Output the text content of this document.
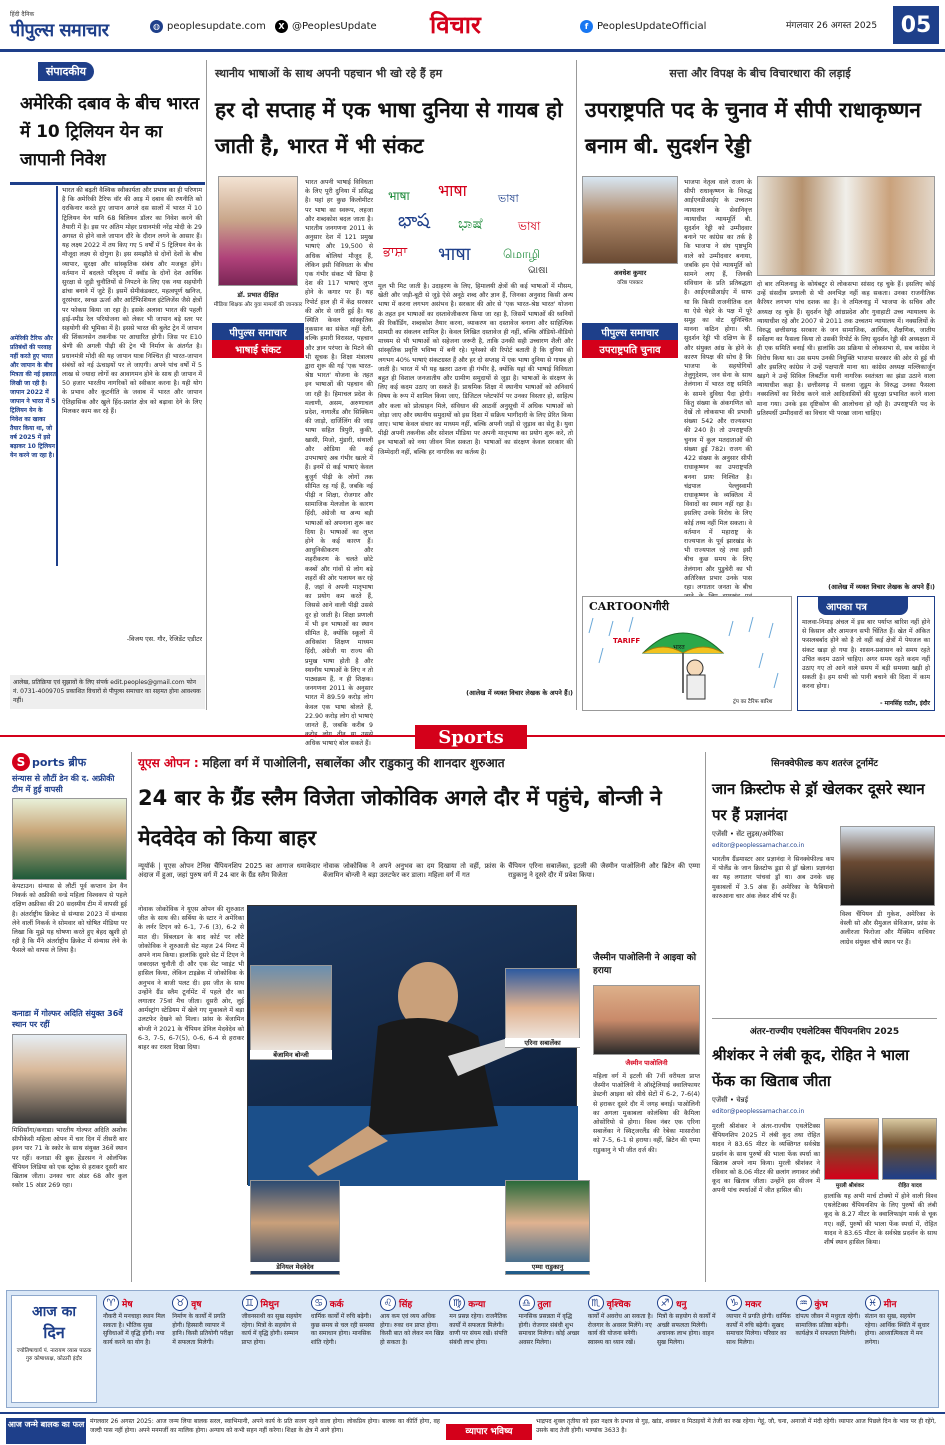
हिंदी दैनिक
पीपुल्स समाचार	◍ peoplesupdate.com	X @PeoplesUpdate विचार	f PeoplesUpdateOfficial	मंगलवार 26 अगस्त 2025	05
संपादकीय
अमेरिकी दबाव के बीच भारत में 10 ट्रिलियन येन का जापानी निवेश
अमेरिकी टैरिफ और प्रतिबंधों की परवाह नहीं करते हुए भारत और जापान के बीच मित्रता की नई इबारत लिखी जा रही है। जापान 2022 में जापान ने भारत में 5 ट्रिलियन येन के निवेश का खाका तैयार किया था, जो वर्ष 2025 में इसे बढ़ाकर 10 ट्रिलियन येन करने जा रहा है।
भारत की बढ़ती वैश्विक स्वीकार्यता और प्रभाव का ही परिणाम है कि अमेरिकी टैरिफ वॉर की आड़ में दबाव की रणनीति को दरकिनार करते हुए जापान अगले दस सालों में भारत में 10 ट्रिलियन येन यानि 68 बिलियन डॉलर का निवेश करने की तैयारी में है। इस पर अंतिम मोहर प्रधानमंत्री नरेंद्र मोदी के 29 अगस्त से होने वाले जापान दौरे के दौरान लगने के आसार हैं। यह लक्ष्य 2022 में तय किए गए 5 वर्षों में 5 ट्रिलियन येन के मौजूदा लक्ष्य से दोगुना है। इस समझौते से दोनों देशों के बीच व्यापार, सुरक्षा और सांस्कृतिक संबंध और मजबूत होंगे। वर्तमान में बदलते परिदृश्य में क्वॉड के दोनों देश आर्थिक सुरक्षा से जुड़ी चुनौतियों से निपटने के लिए एक नया सहयोगी ढांचा बनाने में जुटे हैं। इसमें सेमीकंडक्टर, महत्वपूर्ण खनिज, दूरसंचार, स्वच्छ ऊर्जा और आर्टिफिशियल इंटेलिजेंस जैसे क्षेत्रों पर फोकस किया जा रहा है। इसके अलावा भारत की पहली हाई-स्पीड रेल परियोजना को लेकर भी जापान बड़े स्तर पर सहयोगी की भूमिका में है। इससे भारत की बुलेट ट्रेन में जापान की शिंकानसेन तकनीक पर आधारित होगी। जिस पर E10 श्रेणी की अगली पीढ़ी की ट्रेन भी निर्माण के अंतर्गत है। प्रधानमंत्री मोदी की यह जापान यात्रा निश्चित ही भारत-जापान संबंधों को नई ऊंचाइयों पर ले जाएगी। अपने पांच वर्षों में 5 लाख से ज्यादा लोगों का आवागमन होने के साथ ही जापान में 50 हजार भारतीय नागरिकों को स्वीकार करना है। यही योग के प्रभाव और कूटनीति के जवाब में भारत और जापान ऐतिहासिक और खुले हिंद-प्रशांत क्षेत्र को बढ़ावा देने के लिए मिलकर काम कर रहे हैं।
-विजय एस. गौर, रेजिडेंट एडीटर
आलेख, प्रतिक्रिया एवं सुझावों के लिए संपर्क edit.peoples@gmail.com फोन नं. 0731-4009705 प्रकाशित विचारों से पीपुल्स समाचार का सहमत होना आवश्यक नहीं।
स्थानीय भाषाओं के साथ अपनी पहचान भी खो रहे हैं हम
हर दो सप्ताह में एक भाषा दुनिया से गायब हो जाती है, भारत में भी संकट
डॉ. प्रभात दीक्षित
मीडिया शिक्षक और युवा मामलों की जानकार
पीपुल्स समाचार
भाषाई संकट
भारत अपनी भाषाई विविधता के लिए पूरी दुनिया में प्रसिद्ध है। यहां हर कुछ किलोमीटर पर भाषा का स्वरूप, लहजा और शब्दकोश बदल जाता है। भारतीय जनगणना 2011 के अनुसार देश में 121 प्रमुख भाषाएं और 19,500 से अधिक बोलियां मौजूद हैं, लेकिन इसी विविधता के बीच एक गंभीर संकट भी छिपा है देश की 117 भाषाएं लुप्त होने के कगार पर हैं। यह रिपोर्ट हाल ही में केंद्र सरकार की ओर से जारी हुई है। यह स्थिति केवल सांस्कृतिक नुकसान का संकेत नहीं देती, बल्कि हमारी विरासत, पहचान और ज्ञान परंपरा के मिटने की भी सूचक है। शिक्षा मंत्रालय द्वारा शुरू की गई 'एक भारत-श्रेष्ठ भारत' योजना के तहत इन भाषाओं की पहचान की जा रही है। हिमाचल प्रदेश के मलाणी, असम, अरुणाचल प्रदेश, नागालैंड और सिक्किम की जाड़ो, दार्जिलिंग की जाड़ भाषा सहित त्रिपुरी, कुकी, खासी, मिजो, मुंडारी, संथाली और ओडिया की कई उपभाषाएं अब गंभीर खतरे में हैं। इनमें से कई भाषाएं केवल बुजुर्ग पीढ़ी के लोगों तक सीमित रह गई हैं, जबकि नई पीढ़ी न शिक्षा, रोजगार और सामाजिक मेलजोल के कारण हिंदी, अंग्रेजी या अन्य बड़ी भाषाओं को अपनाना शुरू कर दिया है। भाषाओं का लुप्त होने के कई कारण हैं। आधुनिकीकरण और शहरीकरण के चलते छोटे कस्बों और गांवों से लोग बड़े शहरों की ओर पलायन कर रहे हैं, जहां वे अपनी मातृभाषा का प्रयोग कम करते हैं, जिससे आने वाली पीढ़ी उससे दूर हो जाती है। शिक्षा प्रणाली में भी इन भाषाओं का स्थान सीमित है, क्योंकि स्कूलों में अधिकांश शिक्षण माध्यम हिंदी, अंग्रेजी या राज्य की प्रमुख भाषा होती है और स्थानीय भाषाओं के लिए न तो पाठ्यक्रम हैं, न ही शिक्षक। जनगणना 2011 के अनुसार भारत में 89.59 करोड़ लोग केवल एक भाषा बोलते हैं, 22.90 करोड़ लोग दो भाषाएं जानते हैं, जबकि करीब 9 अधिक भाषाएं बोल सकते हैं।
भाषा भाषा	ভাষা
భాష ಭಾಷೆ	ভাষা
ਭਾਸ਼ਾ भाषा	மொழி
ଭାଷା
मूल भी मिट जाती है। उदाहरण के लिए, हिमालयी क्षेत्रों की कई भाषाओं में मौसम, खेती और जड़ी-बूटी से जुड़े ऐसे अनूठे शब्द और ज्ञान हैं, जिनका अनुवाद किसी अन्य भाषा में करना लगभग असंभव है। सरकार की ओर से 'एक भारत-श्रेष्ठ भारत' योजना के तहत इन भाषाओं का दस्तावेजीकरण किया जा रहा है, जिसमें भाषाओं की ध्वनियों की रिकॉर्डिंग, शब्दकोश तैयार करना, व्याकरण का दस्तावेज बनाना और साहित्यिक सामग्री का संकलन शामिल है। केवल लिखित दस्तावेज ही नहीं, बल्कि ऑडियो-वीडियो माध्यम से भी भाषाओं को सहेजना जरूरी है, ताकि उनकी सही उच्चारण शैली और सांस्कृतिक प्रवृत्ति भविष्य में बनी रहे। यूनेस्को की रिपोर्ट बताती है कि दुनिया की लगभग 40% भाषाएं संकटग्रस्त हैं और हर दो सप्ताह में एक भाषा दुनिया से गायब हो जाती है। भारत में भी यह खतरा उतना ही गंभीर है, क्योंकि यहां की भाषाई विविधता बहुत ही विशाल जनजातीय और ग्रामीण समुदायों से जुड़ा है। भाषाओं के संरक्षण के लिए कई कदम उठाए जा सकते हैं। प्राथमिक शिक्षा में स्थानीय भाषाओं को अनिवार्य विषय के रूप में शामिल किया जाए, डिजिटल प्लेटफॉर्म पर उनका विस्तार हो, साहित्य और कला को प्रोत्साहन मिले, संविधान की आठवीं अनुसूची में अधिक भाषाओं को जोड़ा जाए और स्थानीय समुदायों को इस दिशा में सक्रिय भागीदारी के लिए प्रेरित किया जाए। भाषा केवल संचार का माध्यम नहीं, बल्कि अपनी जड़ों से जुड़ाव का सेतु है। युवा पीढ़ी अपनी तकनीक और सोशल मीडिया पर अपनी मातृभाषा का प्रयोग शुरू करे, तो इन भाषाओं को नया जीवन मिल सकता है। भाषाओं का संरक्षण केवल सरकार की जिम्मेदारी नहीं, बल्कि हर नागरिक का कर्तव्य है।
(आलेख में व्यक्त विचार लेखक के अपने हैं।)
सत्ता और विपक्ष के बीच विचारधारा की लड़ाई
उपराष्ट्रपति पद के चुनाव में सीपी राधाकृष्णन बनाम बी. सुदर्शन रेड्डी
अवधेश कुमार
वरिष्ठ पत्रकार
पीपुल्स समाचार
उपराष्ट्रपति चुनाव
भाजपा नेतृत्व वाले राजग के सीपी राधाकृष्णन के विरुद्ध आईएनडीआईए के उच्चतम न्यायालय के सेवानिवृत्त न्यायाधीश न्यायमूर्ति बी. सुदर्शन रेड्डी को उम्मीदवार बनाने पर कांग्रेस का तर्क है कि भाजपा ने संघ पृष्ठभूमि वाले को उम्मीदवार बनाया, जबकि हम ऐसे न्यायमूर्ति को सामने लाए हैं, जिनकी संविधान के प्रति प्रतिबद्धता है। आईएनडीआईए में साफ था कि किसी राजनीतिक दल या ऐसे चेहरे के पक्ष में पूरे समूह का वोट सुनिश्चित मानना कठिन होगा। श्री. सुदर्शन रेड्डी भी दक्षिण के हैं और संयुक्त आंध्र के होने के कारण विपक्ष की सोच है कि भाजपा के सहयोगियों तेलुगुदेशम, जन सेना के साथ तेलंगाना में भारत राष्ट्र समिति के सामने दुविधा पैदा होगी। किंतु संख्या के अंकगणित को देखें तो लोकसभा की प्रभावी संख्या 542 और राज्यसभा की 240 है। तो उपराष्ट्रपति चुनाव में कुल मतदाताओं की संख्या हुई 782। राजग की 422 संख्या के अनुसार सीपी राधाकृष्णन का उपराष्ट्रपति बनना प्रायः निश्चित है। चंद्रपाल पेल्लुस्वामी राधाकृष्णन के व्यक्तित्व में विवादों का स्थान नहीं रहा है। इसलिए उनके विरोध के लिए कोई तथ्य नहीं मिल सकता। वे वर्तमान में महाराष्ट्र के राज्यपाल के पूर्व झारखंड के भी राज्यपाल रहे तथा इसी बीच कुछ समय के लिए तेलंगाना और पुडुचेरी का भी अतिरिक्त प्रभार उनके पास रहा। लगातार जनता के बीच
दो बार तमिलनाडु के कोयंबटूर से लोकसभा सांसद रह चुके हैं। इसलिए कोई उन्हें संसदीय प्रणाली से भी अनभिज्ञ नहीं कह सकता। उनका राजनीतिक कैरियर लगभग पांच दशक का है। वे तमिलनाडु में भाजपा के सचिव और अध्यक्ष रह चुके हैं। सुदर्शन रेड्डी आंध्रप्रदेश और गुवाहाटी उच्च न्यायालय के न्यायाधीश रहे और 2007 से 2011 तक उच्चतम न्यायालय में। नक्सलियों के विरुद्ध छत्तीसगढ़ सरकार के जन सामाजिक, आर्थिक, शैक्षणिक, जातीय सर्वेक्षण का फैसला किया तो उसकी रिपोर्ट के लिए सुदर्शन रेड्डी की अध्यक्षता में ही एक समिति बनाई थी। हालांकि उस प्रक्रिया से लोकसभा से, सब कांग्रेस ने विरोध किया था। उस समय उनकी नियुक्ति भाजपा सरकार की ओर से हुई थी और इसलिए कांग्रेस ने उन्हें पक्षपाती माना था। कांग्रेस अध्यक्ष मल्लिकार्जुन खड़गे ने उन्हें सिविल लिबर्टीज यानी नागरिक स्वतंत्रता का झंडा उठाने वाला न्यायाधीश कहा है। छत्तीसगढ़ में सलवा जुडूम के विरुद्ध उनका फैसला नक्सलियों का विरोध करने वाले आदिवासियों की सुरक्षा प्रभावित करने वाला माना गया। उनके इस दृष्टिकोण की आलोचना हो रही है। उपराष्ट्रपति पद के प्रतिस्पर्धी उम्मीदवारों का विचार भी परखा जाना चाहिए।
(आलेख में व्यक्त विचार लेखक के अपने हैं।)
CARTOONगीरी
TARIFF
भारत
ट्रंप का टैरिफ बारिश
आपका पत्र
मालवा-निमाड़ अंचल में इस बार पर्याप्त बारिश नहीं होने से किसान और आमजन सभी चिंतित हैं। खेत में अंकित फसलबर्बाद होने को है तो वहीं कई क्षेत्रों में पेयजल का संकट खड़ा हो गया है। शासन-प्रशासन को समय रहते उचित कदम उठाने चाहिए। अगर समय रहते कदम नहीं उठाए गए तो आने वाले समय में बड़ी समस्या खड़ी हो सकती है। हम सभी को पानी बचाने की दिशा में काम करना होगा।
- मानसिंह राठौर, इंदौर
Sports
S ports ब्रीफ
संन्यास से लौटीं डेन की द. अफ्रीकी टीम में हुई वापसी
केपटाउन। संन्यास से लौटीं पूर्व कप्तान डेन वैन निकर्क को अफ्रीकी वन्डे महिला विश्वकप से पहले दक्षिण अफ्रीका की 20 सदस्यीय टीम में वापसी हुई है। अंतर्राष्ट्रीय क्रिकेट से संन्यास 2023 में संन्यास लेने वालीं निकर्क ने सोमवार को घोषित मीडिया पर लिखा कि मुझे यह घोषणा करते हुए बेहद खुशी हो रही है कि मैंने अंतर्राष्ट्रीय क्रिकेट में संन्यास लेने के फैसले को वापस ले लिया है।
कनाडा में गोल्फर अदिति संयुक्त 36वें स्थान पर रहीं
मिसिसॉगा/कनाडा। भारतीय गोल्फर अदिति अशोक सीपीकेसी महिला ओपन में चार दिन में तीसरी बार इवन पार 71 के स्कोर के साथ संयुक्त 36वें स्थान पर रहीं। कनाडा की ब्रुक हेंडरसन ने ओलंपिक चैंपियन लिडिया को एक स्ट्रोक से हराकर दूसरी बार खिताब जीता। उनका चार अंडर 68 और कुल स्कोर 15 अंडर 269 रहा।
यूएस ओपन : महिला वर्ग में पाओलिनी, सबालेंका और राडुकानु की शानदार शुरुआत
24 बार के ग्रैंड स्लैम विजेता जोकोविक अगले दौर में पहुंचे, बोन्जी ने मेदवेदेव को किया बाहर
न्यूयॉर्क | यूएस ओपन टेनिस चैंपियनशिप 2025 का आगाज धमाकेदार अंदाज में हुआ, जहां पुरुष वर्ग में 24 बार के ग्रैंड स्लैम विजेता
नोवाक जोकोविक ने अपने अनुभव का दम दिखाया तो वहीं, फ्रांस के बेंजामिन बोन्जी ने बड़ा उलटफेर कर डाला। महिला वर्ग में गत
चैंपियन एरिना सबालेंका, इटली की जैस्मीन पाओलिनी और ब्रिटेन की एम्मा राडुकानु ने दूसरे दौर में प्रवेश किया।
बेंजामिन बोन्जी
डेनियल मेदवेदेव
नोवाक जोकोविक ने यूएस ओपन की शुरुआत जीत के साथ की। सर्बिया के स्टार ने अमेरिका के लर्नर टिएन को 6-1, 7-6 (3), 6-2 से मात दी। विंबलडन के बाद कोर्ट पर लौटे जोकोविक ने शुरुआती सेट महज 24 मिनट में अपने नाम किया। हालांकि दूसरे सेट में टिएन ने जबरदस्त चुनौती दी और एक सेट प्वाइंट भी हासिल किया, लेकिन टाइब्रेक में जोकोविक के अनुभव ने बाजी पलट दी। इस जीत के साथ उन्होंने ग्रैंड स्लैम टूर्नामेंट में पहले दौर का लगातार 75वां मैच जीता। दूसरी ओर, लुई आर्मस्ट्रांग स्टेडियम में खेले गए मुकाबले में बड़ा उलटफेर देखने को मिला। फ्रांस के बेंजामिन बोन्जी ने 2021 के चैंपियन डेनिल मेदवेदेव को 6-3, 7-5, 6-7(5), 0-6, 6-4 से हराकर बाहर का रास्ता दिखा दिया।
एरिना सबालेंका
एम्मा राडुकानु
जैस्मीन पाओलिनी ने आइवा को हराया
जैस्मीन पाओलिनी
महिला वर्ग में इटली की 7वीं वरीयता प्राप्त जैस्मीन पाओलिनी ने ऑस्ट्रेलियाई क्वालिफायर डेस्टनी आइवा को सीधे सेटों में 6-2, 7-6(4) से हराकर दूसरे दौर में जगह बनाई। पाओलिनी का अगला मुकाबला कोलंबिया की कैमिला ओसोरियो से होगा। विश्व नंबर एक एरिना सबालेंका ने स्विट्जरलैंड की रेबेका मासारोवा को 7-5, 6-1 से हराया। वहीं, ब्रिटेन की एम्मा राडुकानु ने भी जीत दर्ज की।
सिनक्वेफील्ड कप शतरंज टूर्नामेंट
जान क्रिस्टोफ से ड्रॉ खेलकर दूसरे स्थान पर हैं प्रज्ञानंदा
एजेंसी • सेंट लुइस/अमेरिका
editor@peoplessamachar.co.in
भारतीय ग्रैंडमास्टर आर प्रज्ञानंदा ने सिनक्वेफील्ड कप में पोलैंड के जान क्रिस्टोफ डूडा से ड्रॉ खेला। प्रज्ञानंदा का यह लगातार पांचवां ड्रॉ था। अब उनके छह मुकाबलों में 3.5 अंक हैं। अमेरिका के फैबियानो कारुआना चार अंक लेकर शीर्ष पर हैं।
विश्व चैंपियन डी गुकेश, अमेरिका के वेस्ली सो और सैमुअल सेविआन, फ्रांस के अलीरजा फिरोजा और मैक्सिम वाचियर लाग्रेव संयुक्त चौथे स्थान पर हैं।
अंतर-राज्यीय एथलेटिक्स चैंपियनशिप 2025
श्रीशंकर ने लंबी कूद, रोहित ने भाला फेंक का खिताब जीता
एजेंसी • चेन्नई
editor@peoplessamachar.co.in
मुरली श्रीशंकर ने अंतर-राज्यीय एथलेटिक्स चैंपियनशिप 2025 में लंबी कूद तथा रोहित यादव ने 83.65 मीटर के व्यक्तिगत सर्वश्रेष्ठ प्रदर्शन के साथ पुरुषों की भाला फेंक स्पर्धा का खिताब अपने नाम किया। मुरली श्रीशंकर ने रविवार को 8.06 मीटर की छलांग लगाकर लंबी कूद का खिताब जीता। उन्होंने इस सीजन में अपनी पांच स्पर्धाओं में जीत हासिल की।
मुरली श्रीशंकर	रोहित यादव
हालांकि यह अभी मार्च टोक्यो में होने वाली विश्व एथलेटिक्स चैंपियनशिप के लिए पुरुषों की लंबी कूद के 8.27 मीटर के क्वालिफाइंग मार्क से चूक गए। वहीं, पुरुषों की भाला फेंक स्पर्धा में, रोहित यादव ने 83.65 मीटर के सर्वश्रेष्ठ प्रदर्शन के साथ शीर्ष स्थान हासिल किया।
आज का
दिन
ज्योतिषाचार्य पं. नारायण व्यास पाठक गुरु कोषाध्यक्ष, कोठारी इंदौर
♈ मेष
नौकरी में मनचाहा स्थान मिल सकता है। भौतिक सुख सुविधाओं में वृद्धि होगी। नया कार्य करने का योग है।
♉ वृष
निर्माण के कार्यों में प्रगति होगी। हिस्सारी व्यापार में हानि। किसी प्रतियोगी परीक्षा में सफलता मिलेगी।
♊ मिथुन
जीवनसाथी का सुख सहयोग रहेगा। मित्रों के सहयोग से कार्य में वृद्धि होगी। सम्मान प्राप्त होगा।
♋ कर्क
धार्मिक कार्यों में रुचि बढ़ेगी। कुछ समय से चल रही समस्या का समाधान होगा। मानसिक शांति रहेगी।
♌ सिंह
आय कम एवं व्यय अधिक होगा। रुका धन प्राप्त होगा। किसी बात को लेकर मन खिन्न हो सकता है।
♍ कन्या
मन प्रसन्न रहेगा। राजनैतिक कार्यों में सफलता मिलेगी। वाणी पर संयम रखें। संपत्ति संबंधी लाभ होगा।
♎ तुला
मानसिक प्रसन्नता में वृद्धि होगी। रोजगार संबंधी शुभ समाचार मिलेगा। कोई अच्छा अवसर मिलेगा।
♏ वृश्चिक
कार्यों में अवरोध आ सकता है। रोजगार के अवसर मिलेंगे। नए कार्य की योजना बनेगी। स्वास्थ्य का ध्यान रखें।
♐ धनु
मित्रों के सहयोग से कार्यों में अच्छी सफलता मिलेगी। अचानक लाभ होगा। वाहन सुख मिलेगा।
♑ मकर
व्यापार में प्रगति होगी। धार्मिक कार्यों में रुचि बढ़ेगी। सुखद समाचार मिलेगा। परिवार का साथ मिलेगा।
♒ कुंभ
दांपत्य जीवन में मधुरता रहेगी। सामाजिक प्रतिष्ठा बढ़ेगी। कार्यक्षेत्र में सफलता मिलेगी।
♓ मीन
संतान का सुख, सहयोग रहेगा। आर्थिक स्थिति में सुधार होगा। आध्यात्मिकता में मन लगेगा।
आज जन्मे बालक का फल मंगलवार 26 अगस्त 2025: आज जन्म लिया बालक सरल, स्वाभिमानी, अपने कार्य के प्रति सजग रहने वाला होगा। लोकप्रिय होगा। बालक का कीर्ति होगा, वह जल्दी पास नहीं होगा। अपने मनमर्जी का मालिक होगा। अन्याय को कभी सहन नहीं करेगा। शिक्षा के क्षेत्र में आगे होगा।	व्यापार भविष्य
भाद्रपद शुक्ल तृतीया को हस्त नक्षत्र के प्रभाव से गुड़, खांड, शक्कर व मिठाइयों में तेजी का रुख रहेगा। गेहूं, जौ, चना, अनाजों में मंदी रहेगी। व्यापार आज पिछले दिन के भाव पर ही रहेंगे, उसके बाद तेजी होगी। भाग्यांक 3633 है।
